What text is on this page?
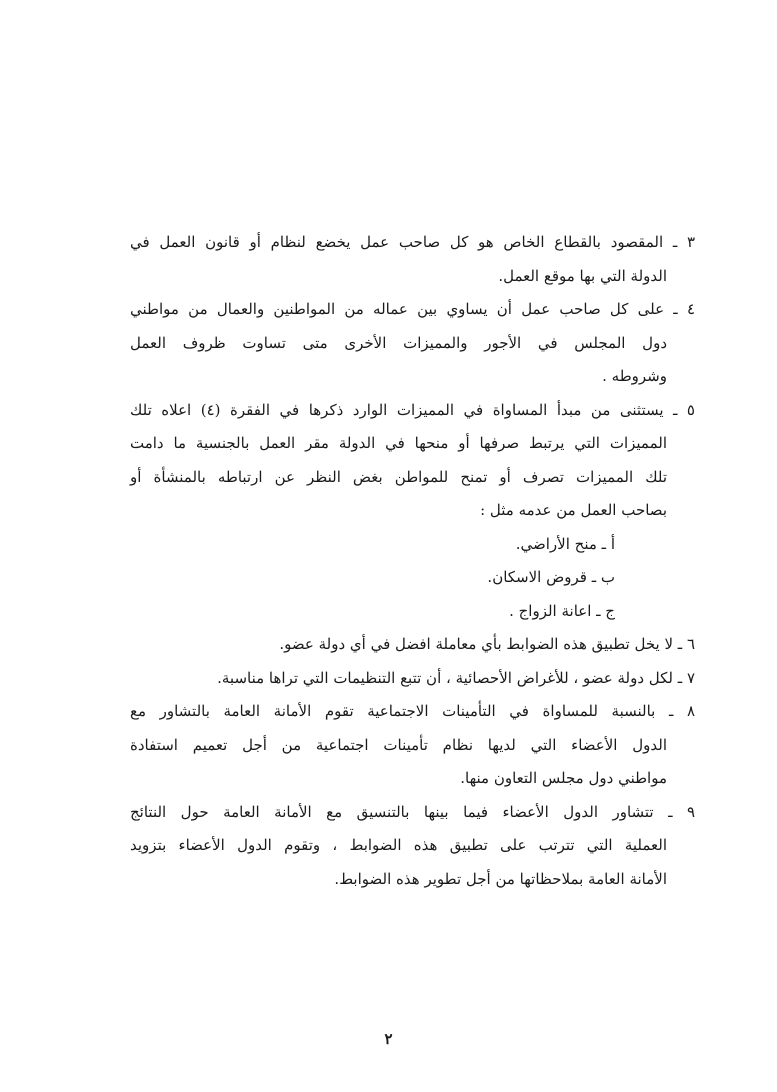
٣ ـ المقصود بالقطاع الخاص هو كل صاحب عمل يخضع لنظام أو قانون العمل في
الدولة التي بها موقع العمل.
٤ ـ على كل صاحب عمل أن يساوي بين عماله من المواطنين والعمال من مواطني
دول المجلس في الأجور والمميزات الأخرى متى تساوت ظروف العمل
وشروطه .
٥ ـ يستثنى من مبدأ المساواة في المميزات الوارد ذكرها في الفقرة (٤) اعلاه تلك
المميزات التي يرتبط صرفها أو منحها في الدولة مقر العمل بالجنسية ما دامت
تلك المميزات تصرف أو تمنح للمواطن بغض النظر عن ارتباطه بالمنشأة أو
بصاحب العمل من عدمه مثل :
أ ـ منح الأراضي.
ب ـ قروض الاسكان.
ج ـ اعانة الزواج .
٦ ـ لا يخل تطبيق هذه الضوابط بأي معاملة افضل في أي دولة عضو.
٧ ـ لكل دولة عضو ، للأغراض الأحصائية ، أن تتبع التنظيمات التي تراها مناسبة.
٨ ـ بالنسبة للمساواة في التأمينات الاجتماعية تقوم الأمانة العامة بالتشاور مع
الدول الأعضاء التي لديها نظام تأمينات اجتماعية من أجل تعميم استفادة
مواطني دول مجلس التعاون منها.
٩ ـ تتشاور الدول الأعضاء فيما بينها بالتنسيق مع الأمانة العامة حول النتائج
العملية التي تترتب على تطبيق هذه الضوابط ، وتقوم الدول الأعضاء بتزويد
الأمانة العامة بملاحظاتها من أجل تطوير هذه الضوابط.
٢
